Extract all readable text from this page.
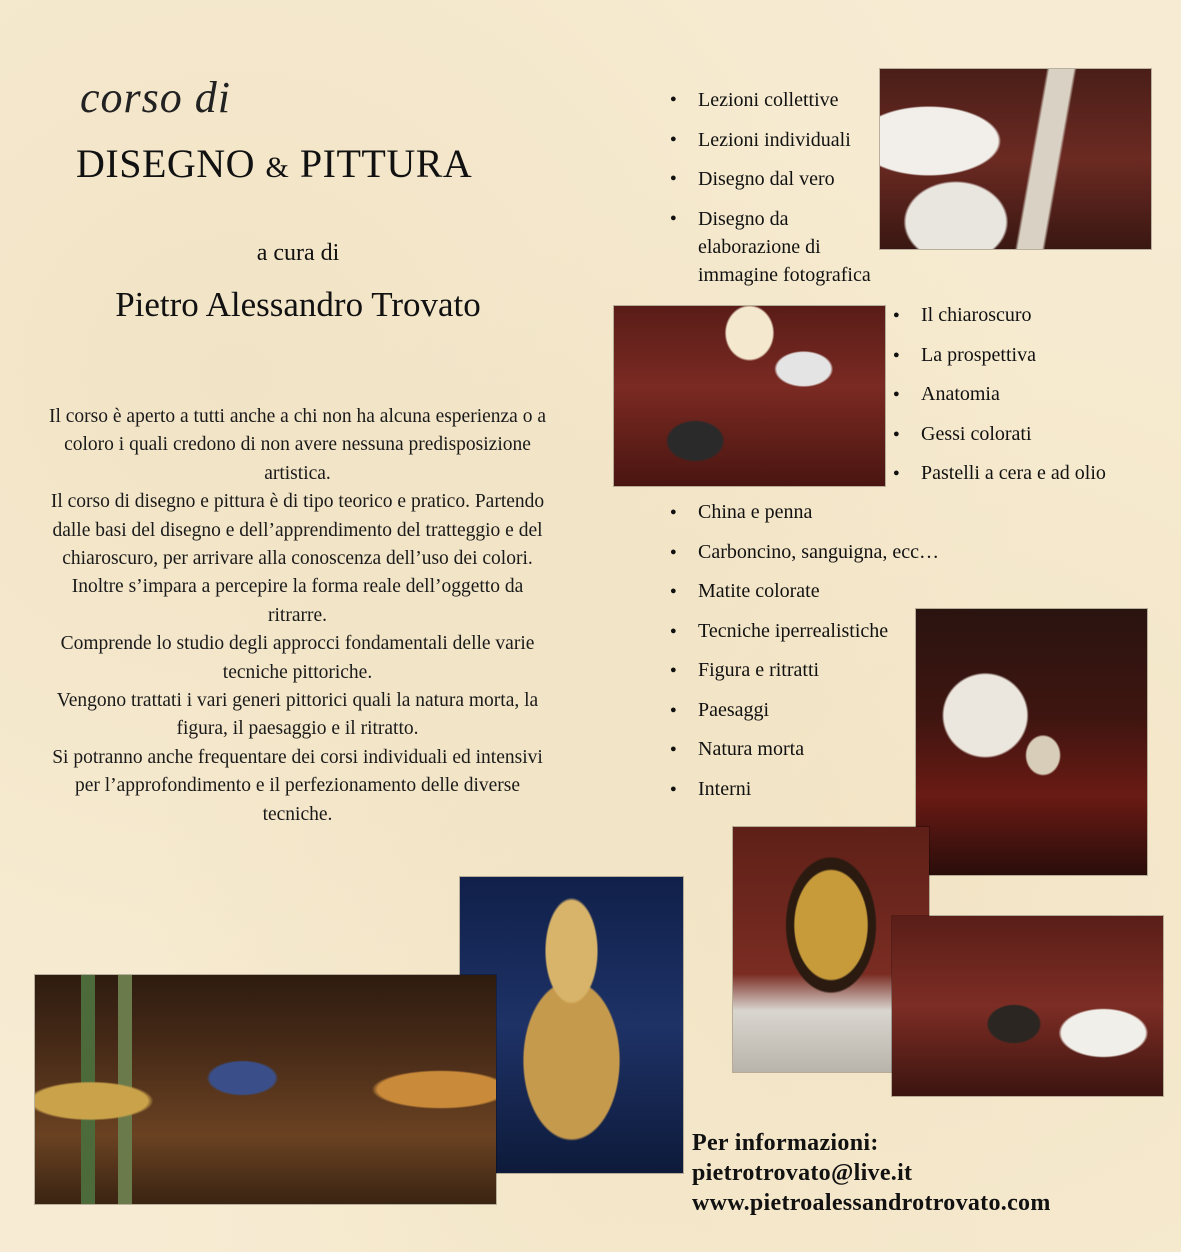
corso di
DISEGNO & PITTURA
a cura di
Pietro Alessandro Trovato

Il corso è aperto a tutti anche a chi non ha alcuna esperienza o a coloro i quali credono di non avere nessuna predisposizione artistica.

Il corso di disegno e pittura è di tipo teorico e pratico. Partendo dalle basi del disegno e dell’apprendimento del tratteggio e del chiaroscuro, per arrivare alla conoscenza dell’uso dei colori.

Inoltre s’impara a percepire la forma reale dell’oggetto da ritrarre.

Comprende lo studio degli approcci fondamentali delle varie tecniche pittoriche.

Vengono trattati i vari generi pittorici quali la natura morta, la figura, il paesaggio e il ritratto.

Si potranno anche frequentare dei corsi individuali ed intensivi per l’approfondimento e il perfezionamento delle diverse tecniche.

● Lezioni collettive
● Lezioni individuali
● Disegno dal vero
● Disegno da elaborazione di immagine fotografica
● Il chiaroscuro
● La prospettiva
● Anatomia
● Gessi colorati
● Pastelli a cera e ad olio
● China e penna
● Carboncino, sanguigna, ecc…
● Matite colorate
● Tecniche iperrealistiche
● Figura e ritratti
● Paesaggi
● Natura morta
● Interni
Per informazioni:
pietrotrovato@live.it
www.pietroalessandrotrovato.com
